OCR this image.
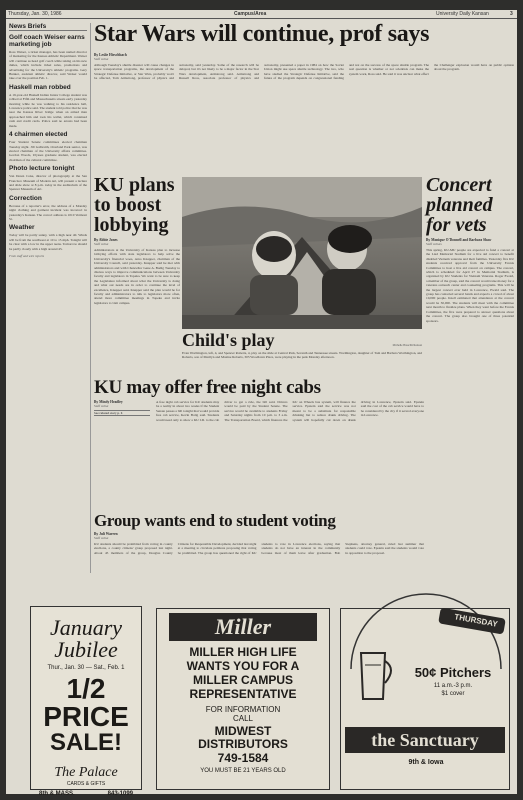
Thursday, Jan. 30, 1986	Campus/Area	University Daily Kansan	3
News Briefs
Golf coach Weiser earns marketing job
Ross Weiser, a ticket manager, has been named director of marketing for the Kansas Athletic Department. Weiser will continue as head golf coach while taking on his new duties, which include ticket sales, promotions and advertising for the University's athletic programs. Gary Bunker, assistant athletic director, said Weiser would take over the position Feb. 1.
Haskell man robbed
A 19-year-old Haskell Indian Junior College student was robbed at Fifth and Massachusetts streets early yesterday morning while he was walking to his residence hall, Lawrence police said. The student told police that he was near the Kansas River bridge when an armed man approached him and took his wallet, which contained cash and credit cards. Police said no arrests had been made.
4 chairmen elected
Four Student Senate committees elected chairmen Tuesday night. Jill Galbraith, Overland Park senior, was elected chairman of the University affairs committee. Gordon Woods, Ulysses graduate student, was elected chairman of the cultural committee.
Photo lecture tonight
Van Deren Coke, director of photography at the San Francisco Museum of Modern Art, will present a lecture and slide show at 8 p.m. today in the auditorium of the Spencer Museum of Art.
Correction
Because of a reporter's error, the address of a Monday night clothing and garment incident was incorrect in yesterday's Kansan. The correct address is 1010 Vermont St.
Weather
Today will be partly sunny, with a high near 40. Winds will be from the southwest at 10 to 15 mph. Tonight will be clear with a low in the upper teens. Tomorrow should be partly cloudy with a high around 45.
From staff and wire reports
Star Wars will continue, prof says
By Leslie Hirschbach
Staff writer
Although Tuesday's shuttle disaster will cause changes in space transportation programs, the development of the Strategic Defense Initiative, or Star Wars, probably won't be affected, Tom Armstrong, professor of physics and astronomy, said yesterday. Some of the research will be delayed, but it's not likely to be a major factor in the Star Wars development, Armstrong said. Armstrong and Russell Ross, associate professor of physics and astronomy, presented a paper in 1984 on how the Soviet Union might use space shuttle technology. The two, who have studied the Strategic Defense Initiative, said the future of the program depends on congressional funding and not on the success of the space shuttle program. The real question is whether or not scientists can make the system work, Ross said. He said it was unclear what effect the Challenger explosion would have on public opinion about the program.
KU plans to boost lobbying
By Abbie Jones
Staff writer
Administrators at the University of Kansas plan to increase lobbying efforts with state legislators to help solve the University's financial woes, Arno Knapper, chairman of the University Council, said yesterday. Knapper said he met with administrators and with Chancellor Gene A. Budig Tuesday to discuss ways to improve communications between University faculty and legislators in Topeka. We want to be sure to keep the Legislature informed about what the University is doing and what our needs are in order to continue the level of excellence, Knapper said. Knapper said the plan would be for faculty and administrators to talk to legislators more often, attend more committee meetings in Topeka and invite legislators to visit campus.
Child's play	Michelle Brauchli/Kansan
Evan Worthington, left, 4, and Spencer Roberts, 4, play on the slide at Central Park, Seventh and Tennessee streets. Worthington, daughter of Tom and Barbara Worthington, and Roberts, son of Marilyn and Maxine Roberts, 305 Woodlawn Place, were playing in the park Monday afternoon.
Concert planned for vets
By Monique O'Donnell and Barbara Shaw
Staff writers
This spring, KU-MU people are expected to fund a concert at the Lied Memorial Stadium for a live aid concert to benefit disabled Vietnam veterans and their families. Yesterday five KU students received approval from the University Events Committee to host a live aid concert on campus. The concert, which is scheduled for April 27 in Memorial Stadium, is organized by KU Students for Vietnam Veterans. Roger Ewald, a member of the group, said the concert would raise money for a veterans outreach center and counseling programs. This will be the largest concert ever held in Lawrence, Ewald said. The group has contacted several bands and expects a crowd of about 10,000 people. Knoll estimated that attendance at the concert would be 30,000. The students will meet with the committee next month to finalize plans. When they went before the Events Committee, the five were prepared to answer questions about the concert. The group also brought one of three potential sponsors.
KU may offer free night cabs
By Mindy Headley
Staff writer
See related story p. 6
A free night cab service for KU students may be a reality in about two weeks if the Student Senate passes a bill tonight that would provide free cab service, Kevin Bolig said. Students would need only to show a KU I.D. to the cab driver to get a ride, the bill said. Drivers would be paid by the Student Senate. The service would be available to students Friday and Saturday nights from 10 p.m. to 3 a.m. The Transportation Board, which finances the KU on Wheels bus system, will finance the service. Epstein said the service was not meant to be a substitute for responsible drinking but to reduce drunk driving. The system will hopefully cut down on drunk driving in Lawrence, Epstein said. Epstein said the cost of the cab service would have to be considered by the city if it served everyone in Lawrence.
Group wants end to student voting
By Juli Warren
Staff writer
KU students should be prohibited from voting in county elections, a county citizens' group proposed last night. About 45 members of the group, Douglas County Citizens for Responsible Development, decided last night at a meeting to circulate petitions proposing that voting be prohibited. The group has questioned the right of KU students to vote in Lawrence elections, saying that students do not have an interest in the community because most of them leave after graduation. Bob Stephens, attorney general, ruled last summer that students could vote. Epstein said the students would vote in opposition to the proposal.
January
Jubilee
Thur., Jan. 30 — Sat., Feb. 1
1/2 PRICE
SALE!
The Palace
CARDS & GIFTS
8th & MASS.	843-1099
Miller
MILLER HIGH LIFE
WANTS YOU FOR A
MILLER CAMPUS
REPRESENTATIVE
FOR INFORMATION
CALL
MIDWEST
DISTRIBUTORS
749-1584
YOU MUST BE 21 YEARS OLD
THURSDAY
50¢ Pitchers
11 a.m.-3 p.m.
$1 cover
the Sanctuary
9th & Iowa
